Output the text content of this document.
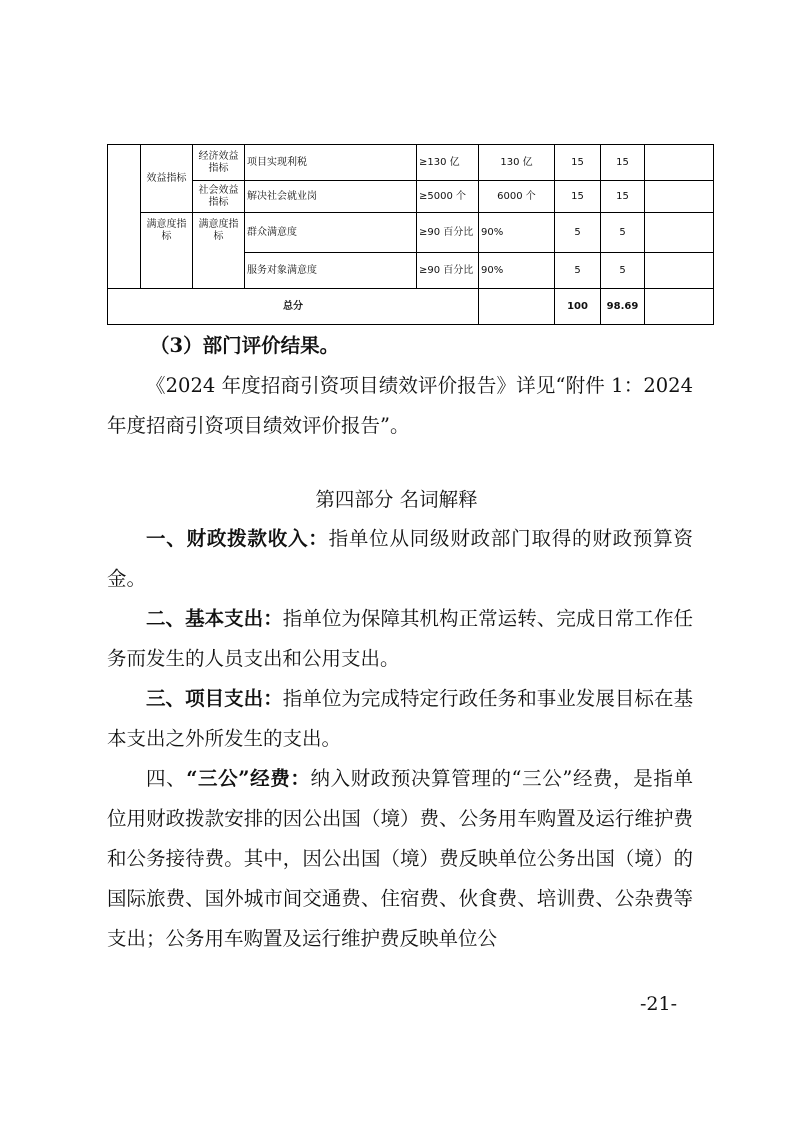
	效益指标	经济效益指标	项目实现利税	≥130 亿	130 亿	15	15	
		社会效益指标	解决社会就业岗	≥5000 个	6000 个	15	15	
	满意度指标	满意度指标	群众满意度	≥90 百分比	90%	5	5	
			服务对象满意度	≥90 百分比	90%	5	5	
总分						100	98.69	

（3）部门评价结果。

《2024 年度招商引资项目绩效评价报告》详见“附件 1：2024 年度招商引资项目绩效评价报告”。

第四部分 名词解释

一、财政拨款收入：指单位从同级财政部门取得的财政预算资金。

二、基本支出：指单位为保障其机构正常运转、完成日常工作任务而发生的人员支出和公用支出。

三、项目支出：指单位为完成特定行政任务和事业发展目标在基本支出之外所发生的支出。

四、“三公”经费：纳入财政预决算管理的“三公”经费，是指单位用财政拨款安排的因公出国（境）费、公务用车购置及运行维护费和公务接待费。其中，因公出国（境）费反映单位公务出国（境）的国际旅费、国外城市间交通费、住宿费、伙食费、培训费、公杂费等支出；公务用车购置及运行维护费反映单位公

-21-
